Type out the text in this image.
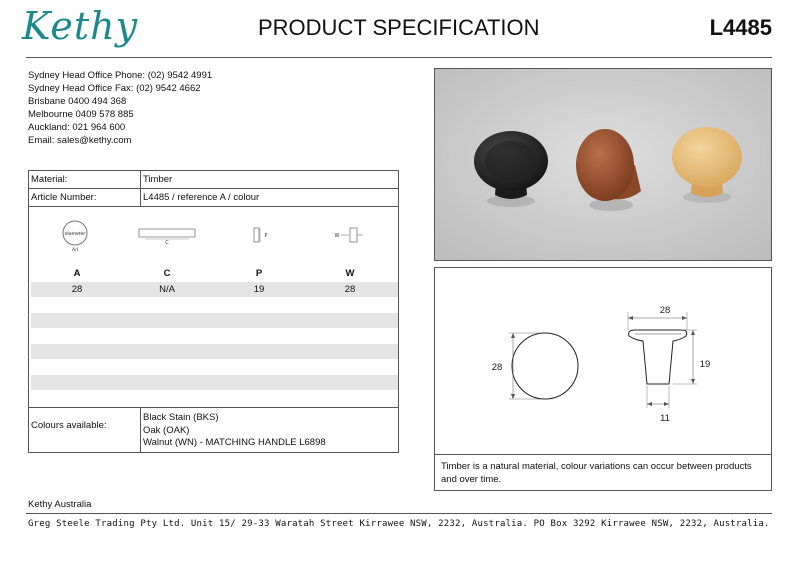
Kethy	PRODUCT SPECIFICATION	L4485
Sydney Head Office Phone: (02) 9542 4991
Sydney Head Office Fax: (02) 9542 4662
Brisbane 0400 494 368
Melbourne 0409 578 885
Auckland: 021 964 600
Email: sales@kethy.com
Material:	Timber
Article Number:	L4485 / reference A / colour
diameter
A/I
C
P	W
A	C	P	W
28	N/A	19	28
Colours available:
Black Stain (BKS)
Oak (OAK)
Walnut (WN) - MATCHING HANDLE L6898
28
28
19
11
Timber is a natural material, colour variations can occur between products and over time.
Kethy Australia
Greg Steele Trading Pty Ltd. Unit 15/ 29-33 Waratah Street Kirrawee NSW, 2232, Australia. PO Box 3292 Kirrawee NSW, 2232, Australia.
